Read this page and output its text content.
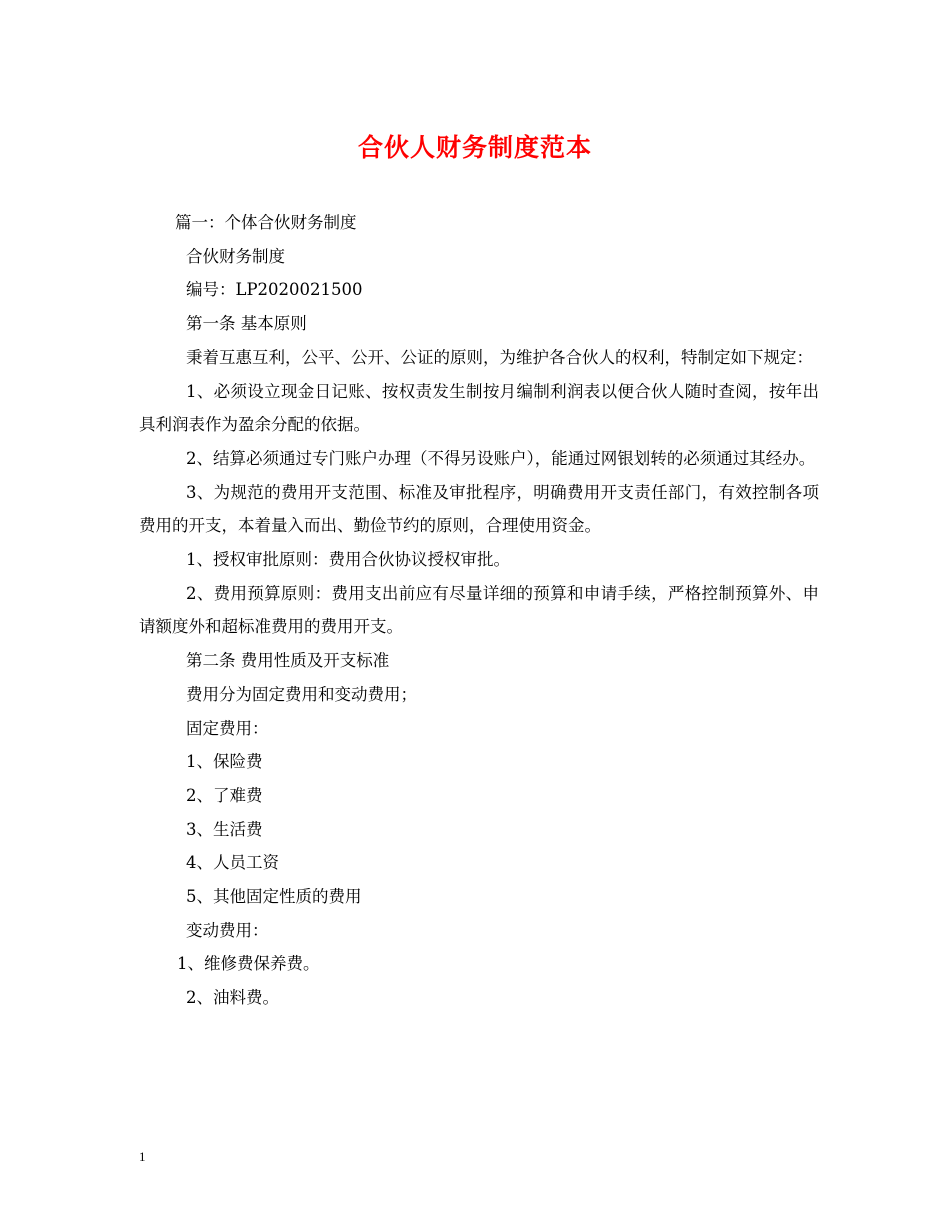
合伙人财务制度范本

篇一：个体合伙财务制度

合伙财务制度

编号：LP2020021500

第一条 基本原则

秉着互惠互利，公平、公开、公证的原则，为维护各合伙人的权利，特制定如下规定：

1、必须设立现金日记账、按权责发生制按月编制利润表以便合伙人随时查阅，按年出具利润表作为盈余分配的依据。

2、结算必须通过专门账户办理（不得另设账户），能通过网银划转的必须通过其经办。

3、为规范的费用开支范围、标准及审批程序，明确费用开支责任部门，有效控制各项费用的开支，本着量入而出、勤俭节约的原则，合理使用资金。

1、授权审批原则：费用合伙协议授权审批。

2、费用预算原则：费用支出前应有尽量详细的预算和申请手续，严格控制预算外、申请额度外和超标准费用的费用开支。

第二条 费用性质及开支标准

费用分为固定费用和变动费用；

固定费用：

1、保险费

2、了难费

3、生活费

4、人员工资

5、其他固定性质的费用

变动费用：

1、维修费保养费。

2、油料费。

1
